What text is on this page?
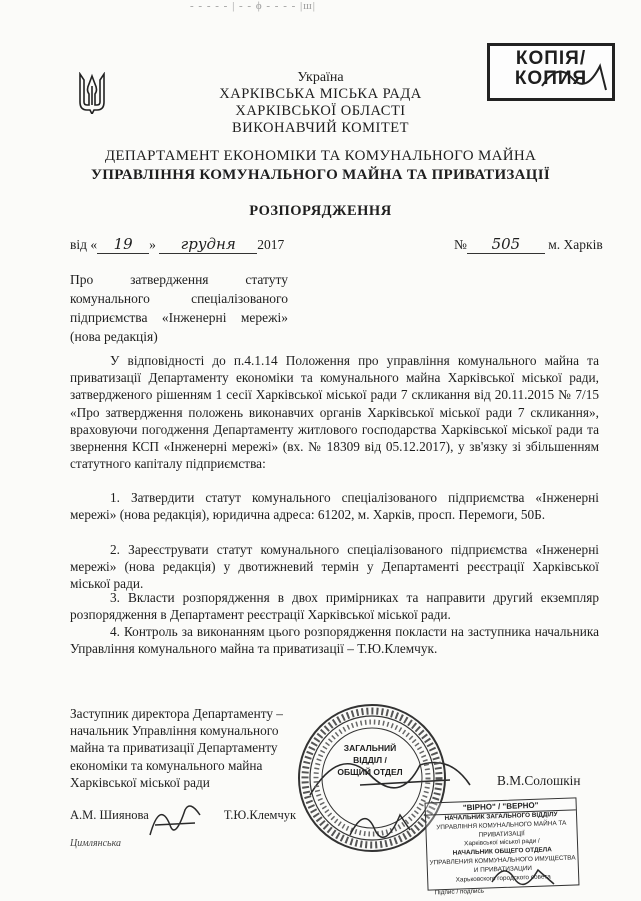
- - - - - | - - ϕ - - - - |ш|
Україна
ХАРКІВСЬКА МІСЬКА РАДА
ХАРКІВСЬКОЇ ОБЛАСТІ
ВИКОНАВЧИЙ КОМІТЕТ
ДЕПАРТАМЕНТ ЕКОНОМІКИ ТА КОМУНАЛЬНОГО МАЙНА
УПРАВЛІННЯ КОМУНАЛЬНОГО МАЙНА ТА ПРИВАТИЗАЦІЇ
РОЗПОРЯДЖЕННЯ
КОПІЯ/
КОПИЯ
від « 19 » грудня 2017	№ 505 м. Харків
Про затвердження статуту
комунального спеціалізованого
підприємства «Інженерні мережі»
(нова редакція)
У відповідності до п.4.1.14 Положення про управління комунального майна та приватизації Департаменту економіки та комунального майна Харківської міської ради, затвердженого рішенням 1 сесії Харківської міської ради 7 скликання від 20.11.2015 № 7/15 «Про затвердження положень виконавчих органів Харківської міської ради 7 скликання», враховуючи погодження Департаменту житлового господарства Харківської міської ради та звернення КСП «Інженерні мережі» (вх. № 18309 від 05.12.2017), у зв'язку зі збільшенням статутного капіталу підприємства:
1. Затвердити статут комунального спеціалізованого підприємства «Інженерні мережі» (нова редакція), юридична адреса: 61202, м. Харків, просп. Перемоги, 50Б.
2. Зареєструвати статут комунального спеціалізованого підприємства «Інженерні мережі» (нова редакція) у двотижневий термін у Департаменті реєстрації Харківської міської ради.
3. Вкласти розпорядження в двох примірниках та направити другий екземпляр розпорядження в Департамент реєстрації Харківської міської ради.
4. Контроль за виконанням цього розпорядження покласти на заступника начальника Управління комунального майна та приватизації – Т.Ю.Клемчук.
Заступник директора Департаменту – начальник Управління комунального майна та приватизації Департаменту економіки та комунального майна Харківської міської ради	В.М.Солошкін
ЗАГАЛЬНИЙ
ВІДДІЛ /
ОБЩИЙ ОТДЕЛ
А.М. Шиянова	Т.Ю.Клемчук
Цимлянська
"ВІРНО" / "ВЕРНО"
НАЧАЛЬНИК ЗАГАЛЬНОГО ВІДДІЛУ
УПРАВЛІННЯ КОМУНАЛЬНОГО МАЙНА ТА ПРИВАТИЗАЦІЇ
Харківської міської ради /
НАЧАЛЬНИК ОБЩЕГО ОТДЕЛА
УПРАВЛЕНИЯ КОММУНАЛЬНОГО ИМУЩЕСТВА И ПРИВАТИЗАЦИИ
Харьковского городского совета
Підпис / подпись
